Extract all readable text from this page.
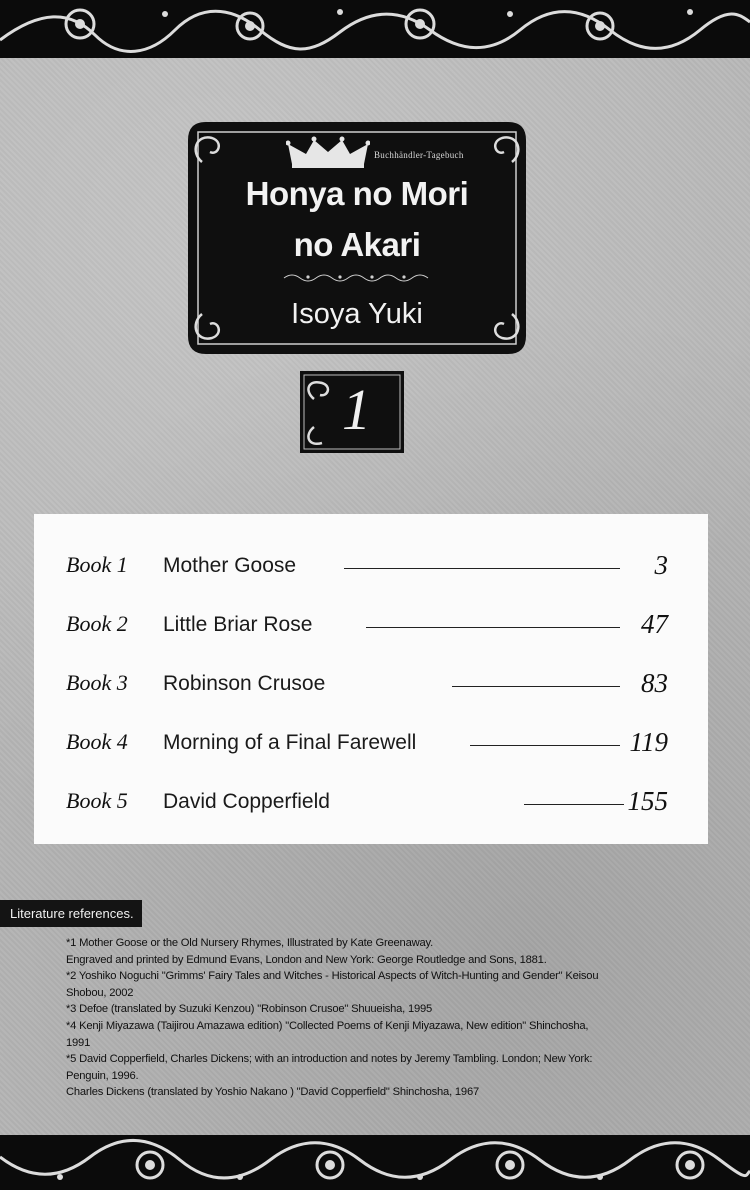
Buchhändler-Tagebuch
Honya no Mori
no Akari
Isoya Yuki
1
Book 1 Mother Goose	3
Book 2 Little Briar Rose	47
Book 3 Robinson Crusoe	83
Book 4 Morning of a Final Farewell	119
Book 5 David Copperfield	155
Literature references.
*1 Mother Goose or the Old Nursery Rhymes, Illustrated by Kate Greenaway.
Engraved and printed by Edmund Evans, London and New York: George Routledge and Sons, 1881.
*2 Yoshiko Noguchi "Grimms' Fairy Tales and Witches - Historical Aspects of Witch-Hunting and Gender" Keisou
Shobou, 2002
*3 Defoe (translated by Suzuki Kenzou) "Robinson Crusoe" Shuueisha, 1995
*4 Kenji Miyazawa (Taijirou Amazawa edition) "Collected Poems of Kenji Miyazawa, New edition" Shinchosha,
1991
*5 David Copperfield, Charles Dickens; with an introduction and notes by Jeremy Tambling. London; New York:
Penguin, 1996.
Charles Dickens (translated by Yoshio Nakano ) "David Copperfield" Shinchosha, 1967
